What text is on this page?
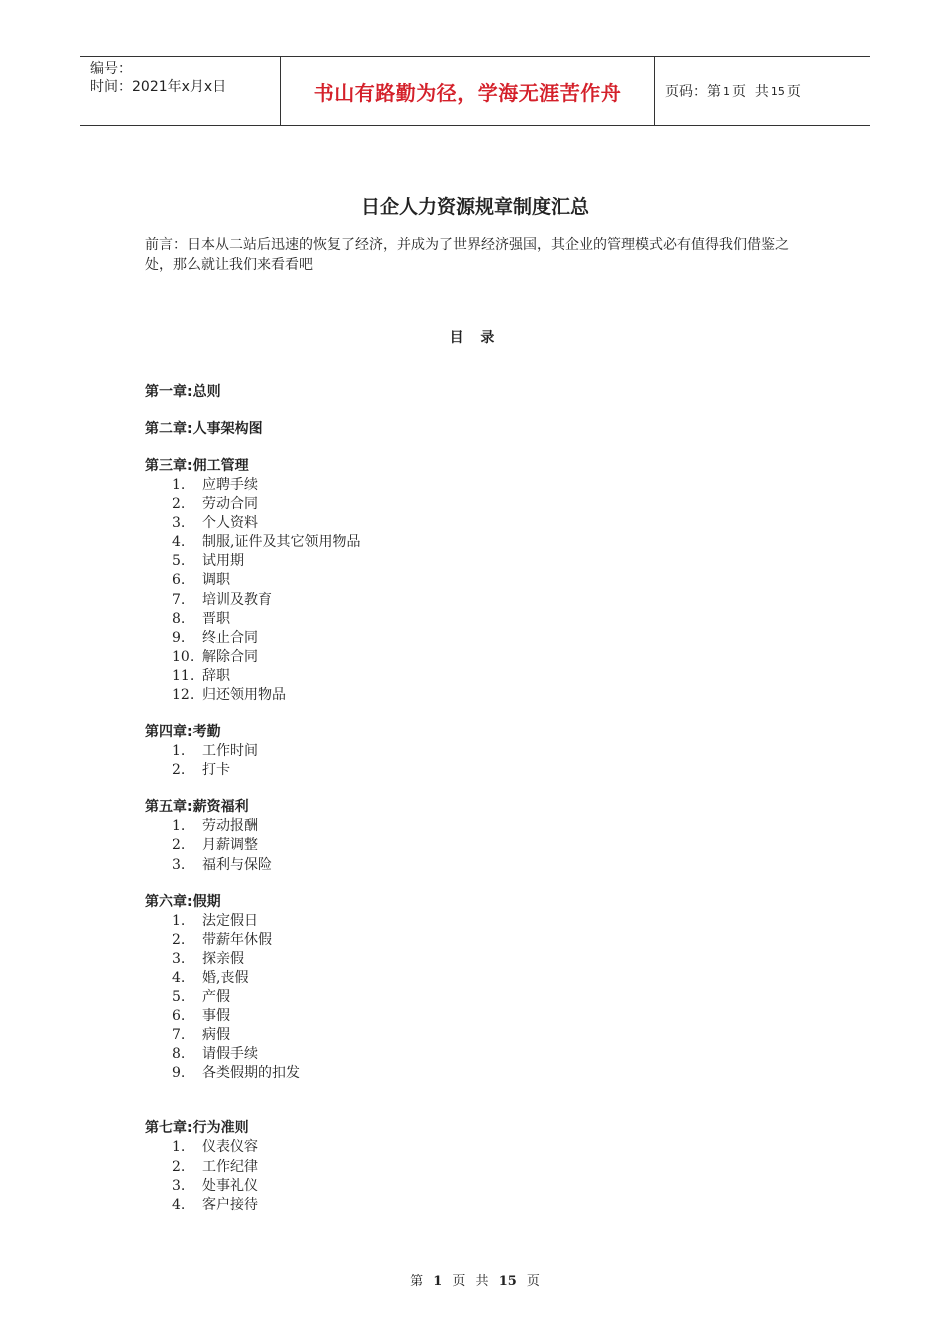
编号：
时间：2021年x月x日	书山有路勤为径，学海无涯苦作舟	页码：第 1 页  共 15 页
日企人力资源规章制度汇总
前言：日本从二站后迅速的恢复了经济，并成为了世界经济强国，其企业的管理模式必有值得我们借鉴之处，那么就让我们来看看吧
目 录
第一章:总则
第二章:人事架构图
第三章:佣工管理
1.	应聘手续
2.	劳动合同
3.	个人资料
4.	制服,证件及其它领用物品
5.	试用期
6.	调职
7.	培训及教育
8.	晋职
9.	终止合同
10. 解除合同
11. 辞职
12. 归还领用物品
第四章:考勤
1.	工作时间
2.	打卡
第五章:薪资福利
1.	劳动报酬
2.	月薪调整
3.	福利与保险
第六章:假期
1.	法定假日
2.	带薪年休假
3.	探亲假
4.	婚,丧假
5.	产假
6.	事假
7.	病假
8.	请假手续
9.	各类假期的扣发
第七章:行为准则
1.	仪表仪容
2.	工作纪律
3.	处事礼仪
4.	客户接待
第 1 页 共 15 页
